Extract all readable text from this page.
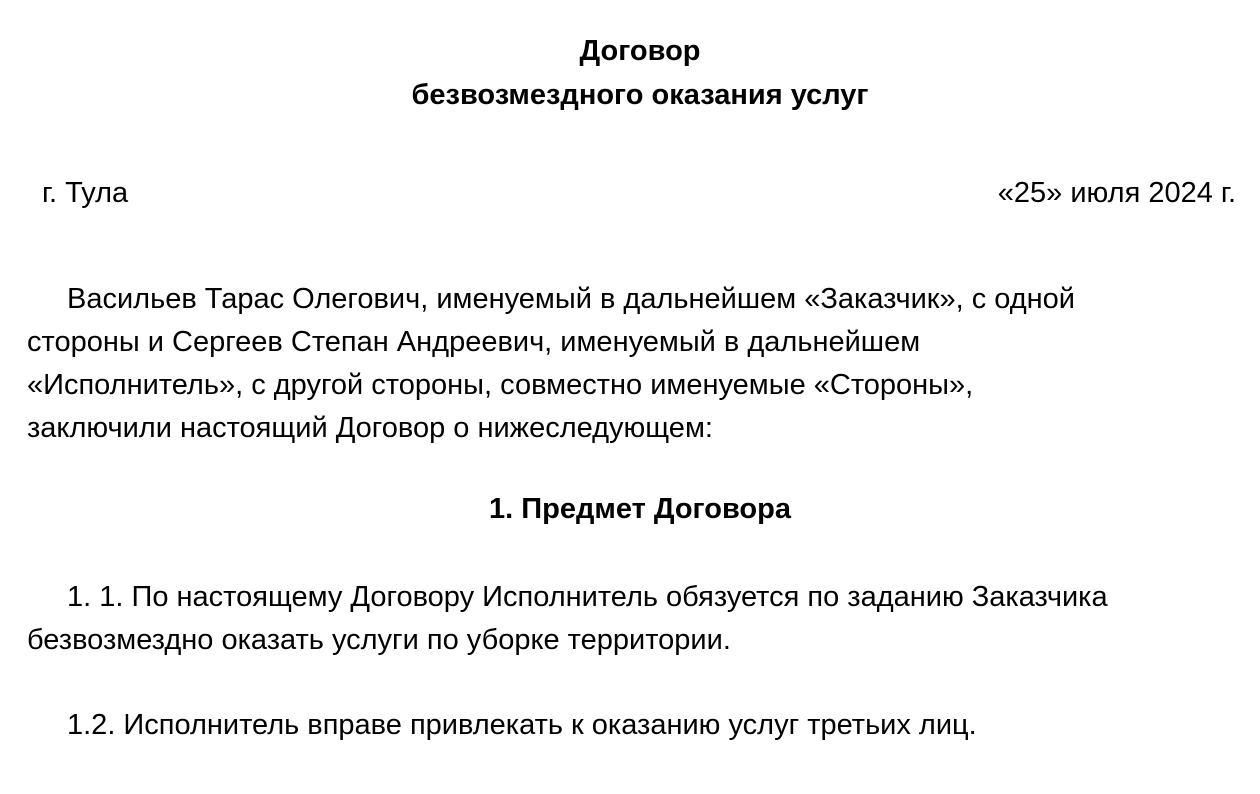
Договор
безвозмездного оказания услуг
г. Тула	«25» июля 2024 г.

Васильев Тарас Олегович, именуемый в дальнейшем «Заказчик», с одной
стороны и Сергеев Степан Андреевич, именуемый в дальнейшем
«Исполнитель», с другой стороны, совместно именуемые «Стороны»,
заключили настоящий Договор о нижеследующем:

1. Предмет Договора

1. 1. По настоящему Договору Исполнитель обязуется по заданию Заказчика
безвозмездно оказать услуги по уборке территории.

1.2. Исполнитель вправе привлекать к оказанию услуг третьих лиц.
